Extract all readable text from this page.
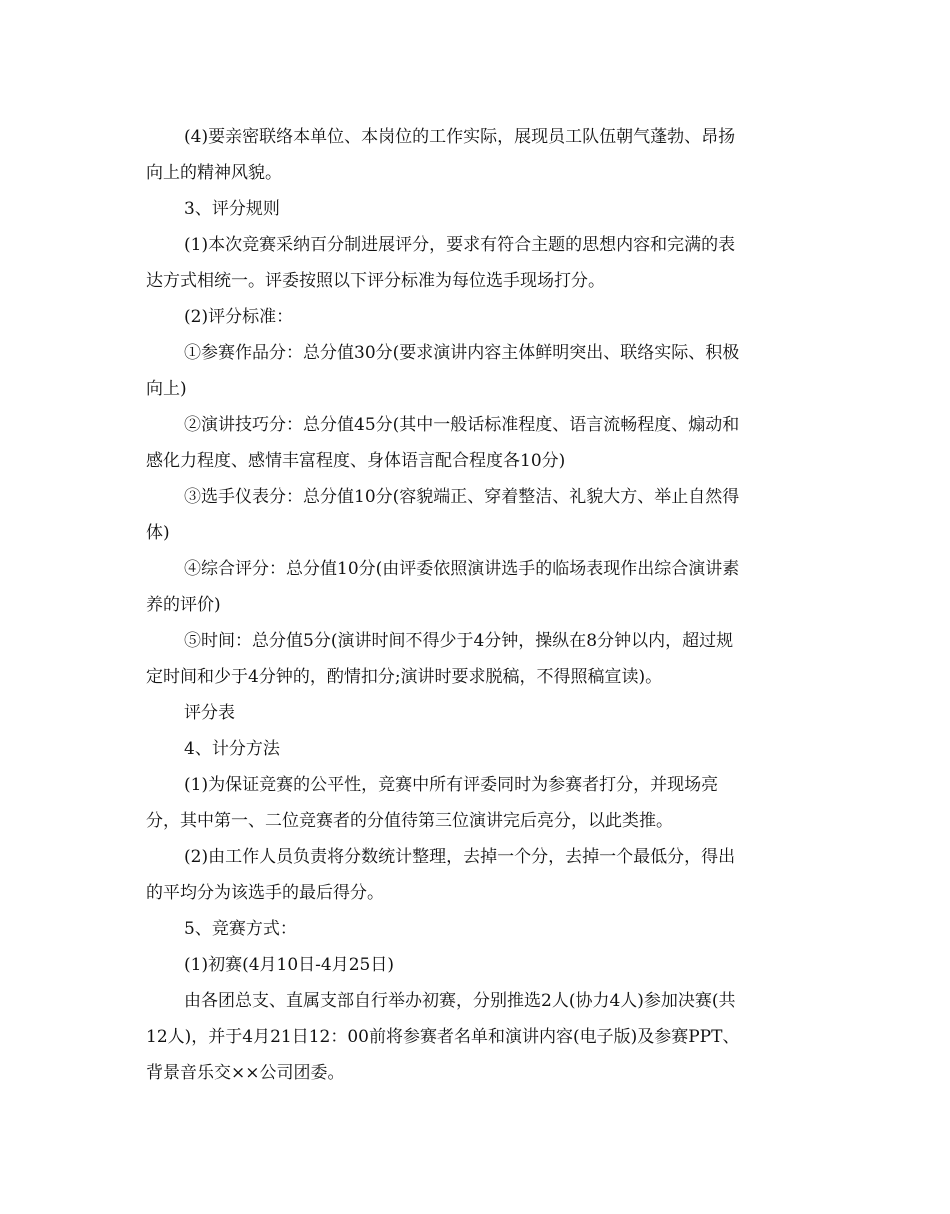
(4)要亲密联络本单位、本岗位的工作实际，展现员工队伍朝气蓬勃、昂扬
向上的精神风貌。
3、评分规则
(1)本次竞赛采纳百分制进展评分，要求有符合主题的思想内容和完满的表
达方式相统一。评委按照以下评分标准为每位选手现场打分。
(2)评分标准：
①参赛作品分：总分值30分(要求演讲内容主体鲜明突出、联络实际、积极
向上)
②演讲技巧分：总分值45分(其中一般话标准程度、语言流畅程度、煽动和
感化力程度、感情丰富程度、身体语言配合程度各10分)
③选手仪表分：总分值10分(容貌端正、穿着整洁、礼貌大方、举止自然得
体)
④综合评分：总分值10分(由评委依照演讲选手的临场表现作出综合演讲素
养的评价)
⑤时间：总分值5分(演讲时间不得少于4分钟，操纵在8分钟以内，超过规
定时间和少于4分钟的，酌情扣分;演讲时要求脱稿，不得照稿宣读)。
评分表
4、计分方法
(1)为保证竞赛的公平性，竞赛中所有评委同时为参赛者打分，并现场亮
分，其中第一、二位竞赛者的分值待第三位演讲完后亮分，以此类推。
(2)由工作人员负责将分数统计整理，去掉一个分，去掉一个最低分，得出
的平均分为该选手的最后得分。
5、竞赛方式：
(1)初赛(4月10日-4月25日)
由各团总支、直属支部自行举办初赛，分别推选2人(协力4人)参加决赛(共
12人)，并于4月21日12：00前将参赛者名单和演讲内容(电子版)及参赛PPT、
背景音乐交××公司团委。
